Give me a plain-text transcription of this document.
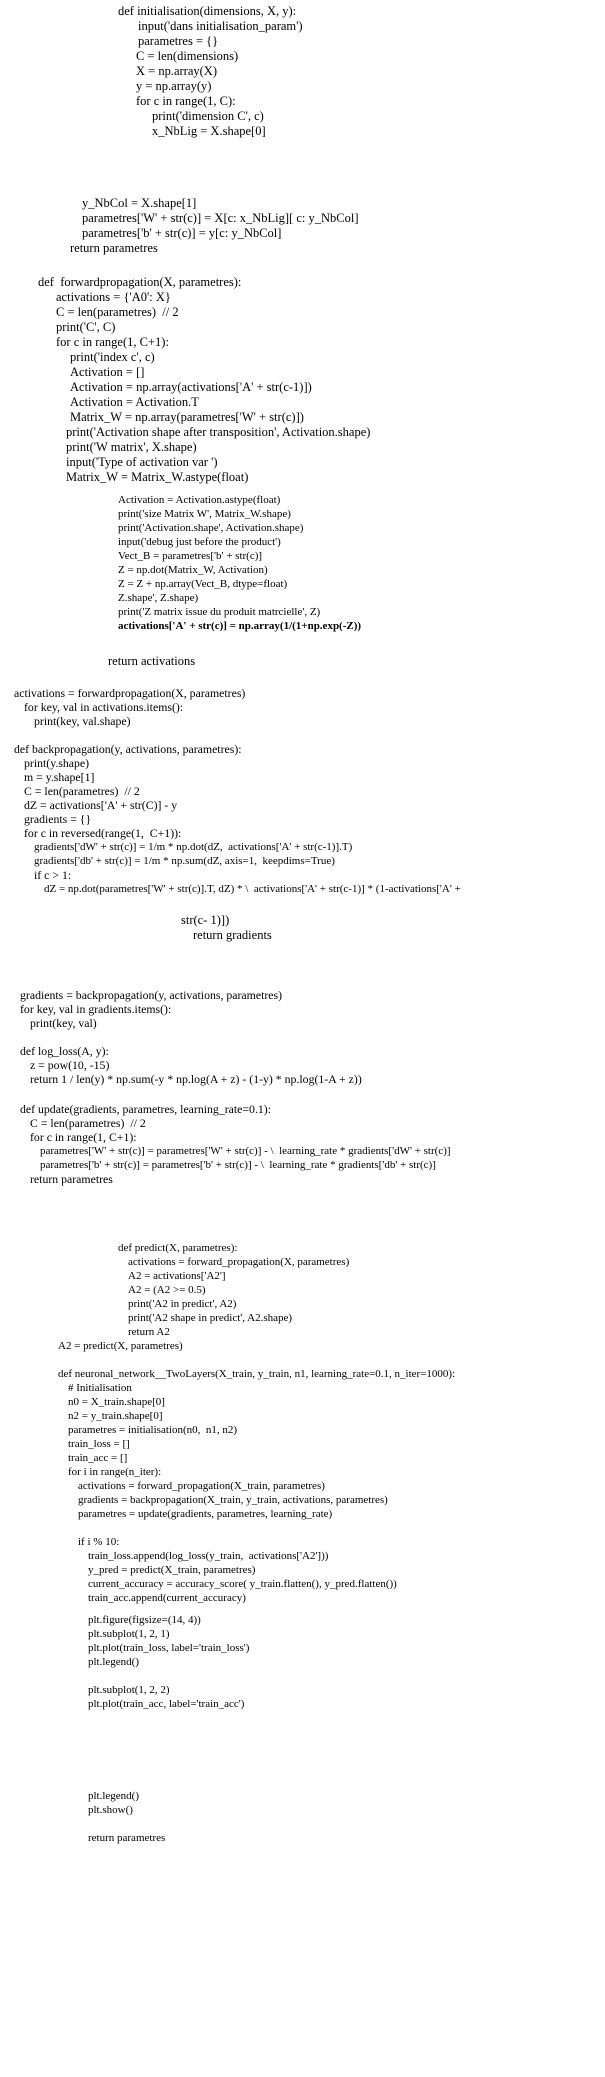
def initialisation(dimensions, X, y):
input('dans initialisation_param')
parametres = {}
C = len(dimensions)
X = np.array(X)
y = np.array(y)
for c in range(1, C):
print('dimension C', c)
x_NbLig = X.shape[0]
y_NbCol = X.shape[1]
parametres['W' + str(c)] = X[c: x_NbLig][ c: y_NbCol]
parametres['b' + str(c)] = y[c: y_NbCol]
return parametres
def  forwardpropagation(X, parametres):
activations = {'A0': X}
C = len(parametres)  // 2
print('C', C)
for c in range(1, C+1):
print('index c', c)
Activation = []
Activation = np.array(activations['A' + str(c-1)])
Activation = Activation.T
Matrix_W = np.array(parametres['W' + str(c)])
print('Activation shape after transposition', Activation.shape)
print('W matrix', X.shape)
input('Type of activation var ')
Matrix_W = Matrix_W.astype(float)
Activation = Activation.astype(float)
print('size Matrix W', Matrix_W.shape)
print('Activation.shape', Activation.shape)
input('debug just before the product')
Vect_B = parametres['b' + str(c)]
Z = np.dot(Matrix_W, Activation)
Z = Z + np.array(Vect_B, dtype=float)
Z.shape', Z.shape)
print('Z matrix issue du produit matrcielle', Z)
activations['A' + str(c)] = np.array(1/(1+np.exp(-Z))
return activations
activations = forwardpropagation(X, parametres)
for key, val in activations.items():
print(key, val.shape)
def backpropagation(y, activations, parametres):
print(y.shape)
m = y.shape[1]
C = len(parametres)  // 2
dZ = activations['A' + str(C)] - y
gradients = {}
for c in reversed(range(1,  C+1)):
gradients['dW' + str(c)] = 1/m * np.dot(dZ,  activations['A' + str(c-1)].T)
gradients['db' + str(c)] = 1/m * np.sum(dZ, axis=1,  keepdims=True)
if c > 1:
dZ = np.dot(parametres['W' + str(c)].T, dZ) * \  activations['A' + str(c-1)] * (1-activations['A' +
str(c- 1)])
return gradients
gradients = backpropagation(y, activations, parametres)
for key, val in gradients.items():
print(key, val)
def log_loss(A, y):
z = pow(10, -15)
return 1 / len(y) * np.sum(-y * np.log(A + z) - (1-y) * np.log(1-A + z))
def update(gradients, parametres, learning_rate=0.1):
C = len(parametres)  // 2
for c in range(1, C+1):
parametres['W' + str(c)] = parametres['W' + str(c)] - \  learning_rate * gradients['dW' + str(c)]
parametres['b' + str(c)] = parametres['b' + str(c)] - \  learning_rate * gradients['db' + str(c)]
return parametres
def predict(X, parametres):
activations = forward_propagation(X, parametres)
A2 = activations['A2']
A2 = (A2 >= 0.5)
print('A2 in predict', A2)
print('A2 shape in predict', A2.shape)
return A2
A2 = predict(X, parametres)
def neuronal_network__TwoLayers(X_train, y_train, n1, learning_rate=0.1, n_iter=1000):
# Initialisation
n0 = X_train.shape[0]
n2 = y_train.shape[0]
parametres = initialisation(n0,  n1, n2)
train_loss = []
train_acc = []
for i in range(n_iter):
activations = forward_propagation(X_train, parametres)
gradients = backpropagation(X_train, y_train, activations, parametres)
parametres = update(gradients, parametres, learning_rate)
if i % 10:
train_loss.append(log_loss(y_train,  activations['A2']))
y_pred = predict(X_train, parametres)
current_accuracy = accuracy_score( y_train.flatten(), y_pred.flatten())
train_acc.append(current_accuracy)
plt.figure(figsize=(14, 4))
plt.subplot(1, 2, 1)
plt.plot(train_loss, label='train_loss')
plt.legend()
plt.subplot(1, 2, 2)
plt.plot(train_acc, label='train_acc')
plt.legend()
plt.show()
return parametres
